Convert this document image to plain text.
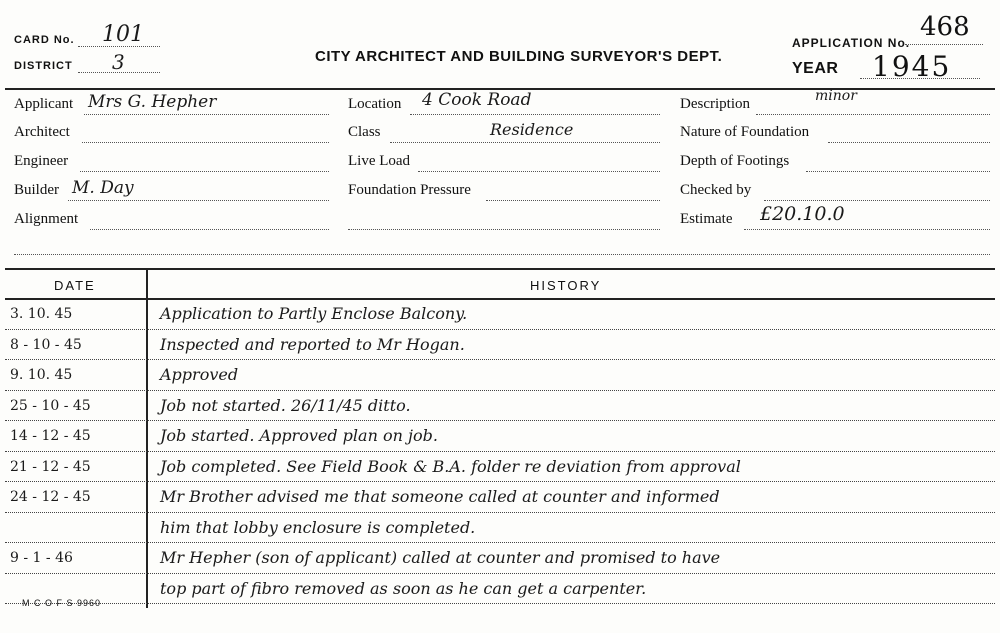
CARD No. 101
DISTRICT 3	CITY ARCHITECT AND BUILDING SURVEYOR'S DEPT.
APPLICATION No.
468
YEAR 1945
Applicant Mrs G. Hepher
Architect
Engineer
Builder M. Day
Alignment
Location 4 Cook Road
Class	Residence
Live Load
Foundation Pressure
Description	minor
Nature of Foundation
Depth of Footings
Checked by
Estimate £20.10.0
DATE	HISTORY
3. 10. 45	Application to Partly Enclose Balcony.
8 - 10 - 45	Inspected and reported to Mr Hogan.
9. 10. 45	Approved
25 - 10 - 45	Job not started. 26/11/45 ditto.
14 - 12 - 45	Job started. Approved plan on job.
21 - 12 - 45	Job completed. See Field Book & B.A. folder re deviation from approval
24 - 12 - 45	Mr Brother advised me that someone called at counter and informed
him that lobby enclosure is completed.
9 - 1 - 46	Mr Hepher (son of applicant) called at counter and promised to have
top part of fibro removed as soon as he can get a carpenter.
M C O F S 9960
